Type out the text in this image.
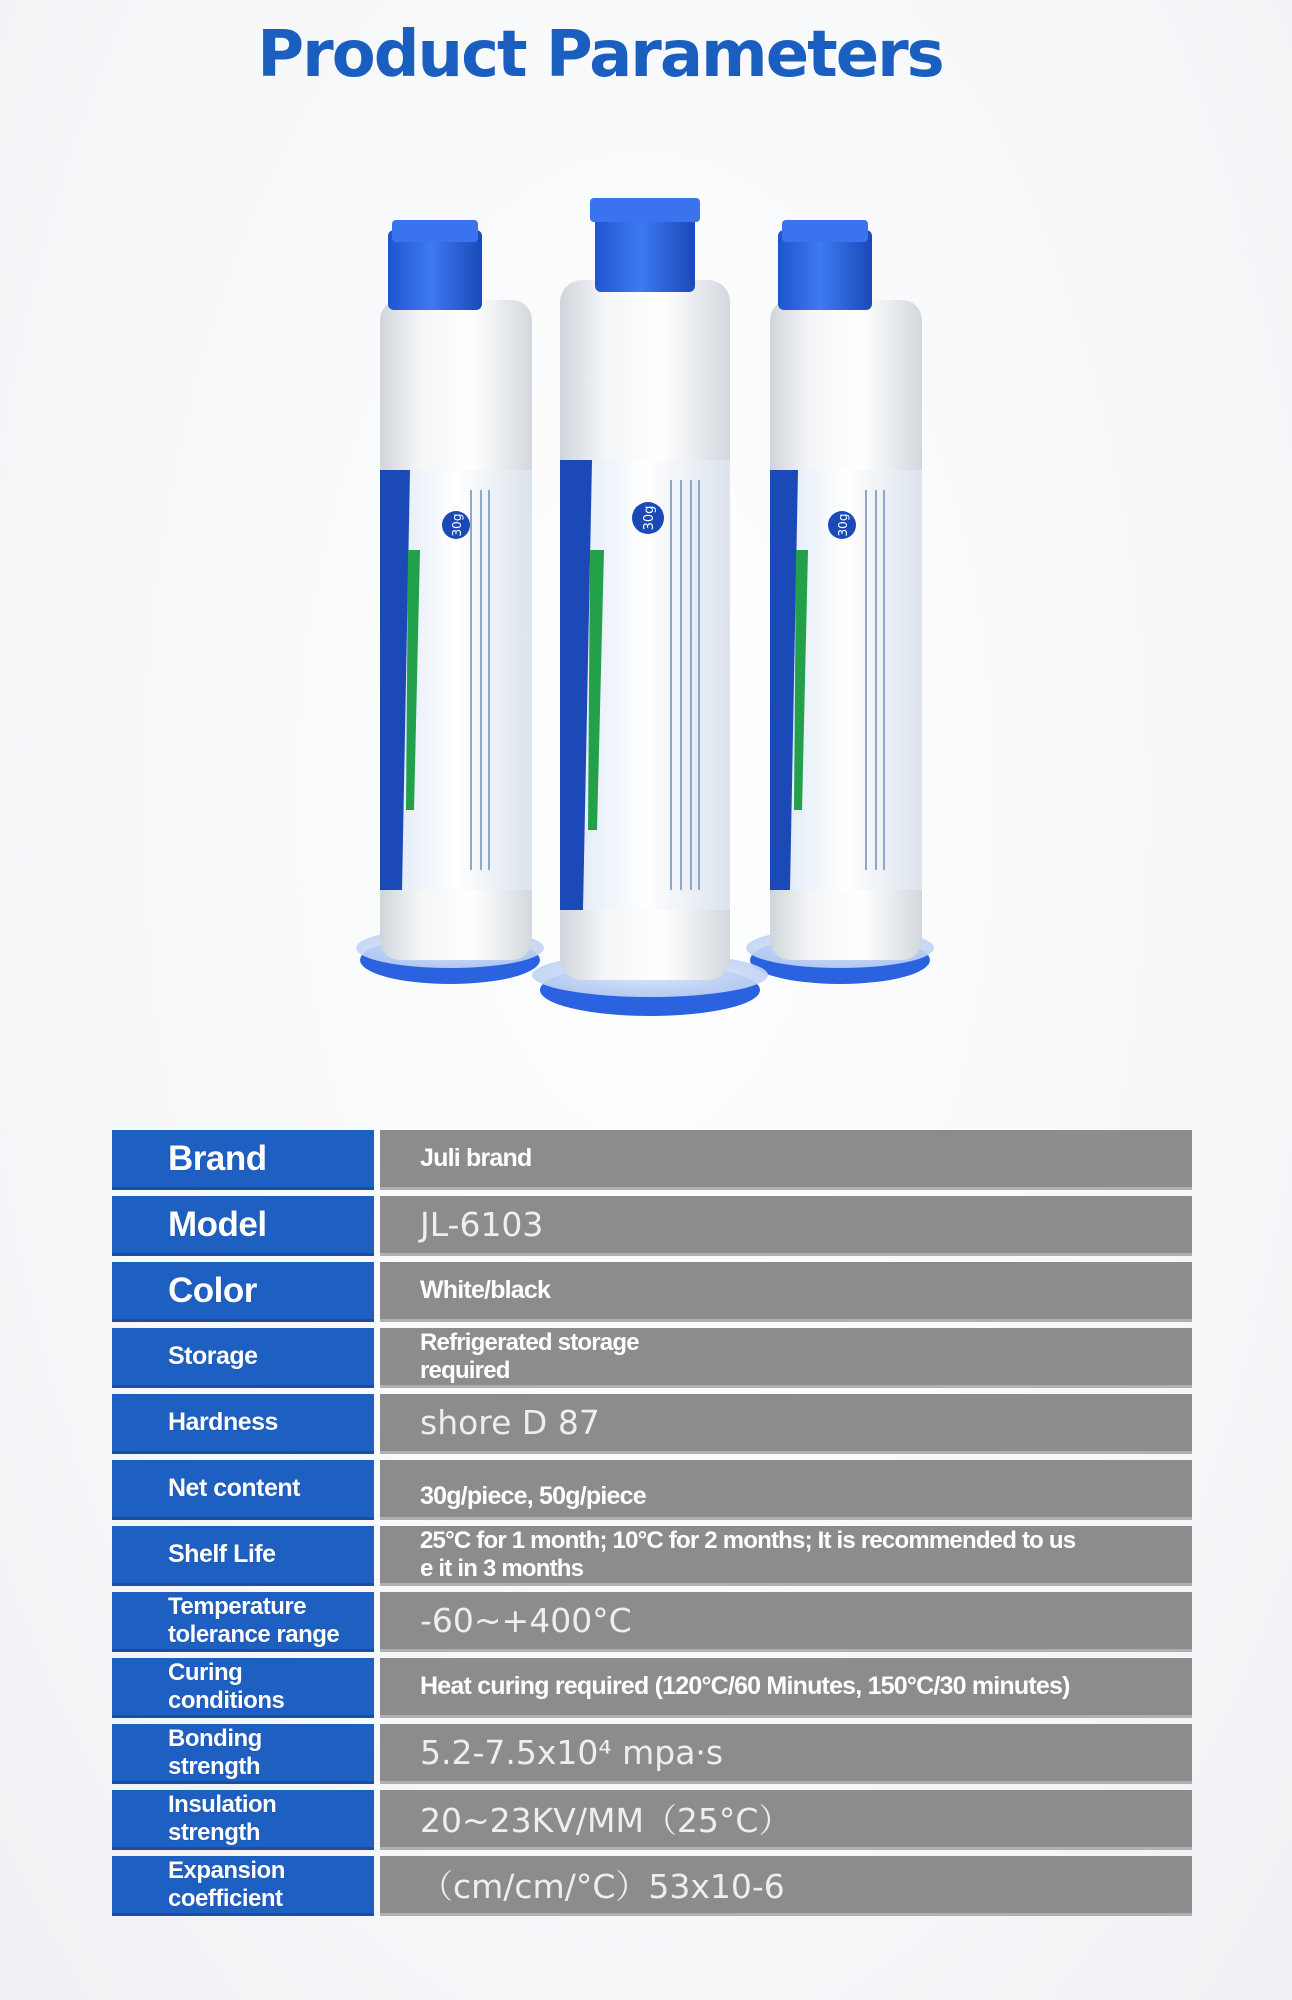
Product Parameters
30g	30g
30g
Brand	Juli brand
Model	JL-6103
Color	White/black
Storage	Refrigerated storage
required
Hardness	shore D 87
Net content	30g/piece, 50g/piece
Shelf Life	25°C for 1 month; 10°C for 2 months; It is recommended to us
e it in 3 months
Temperature
tolerance range	-60~+400°C
Curing
conditions	Heat curing required (120°C/60 Minutes, 150°C/30 minutes)
Bonding
strength	5.2-7.5x10⁴ mpa·s
Insulation
strength	20~23KV/MM（25°C）
Expansion
coefficient	（cm/cm/°C）53x10-6
